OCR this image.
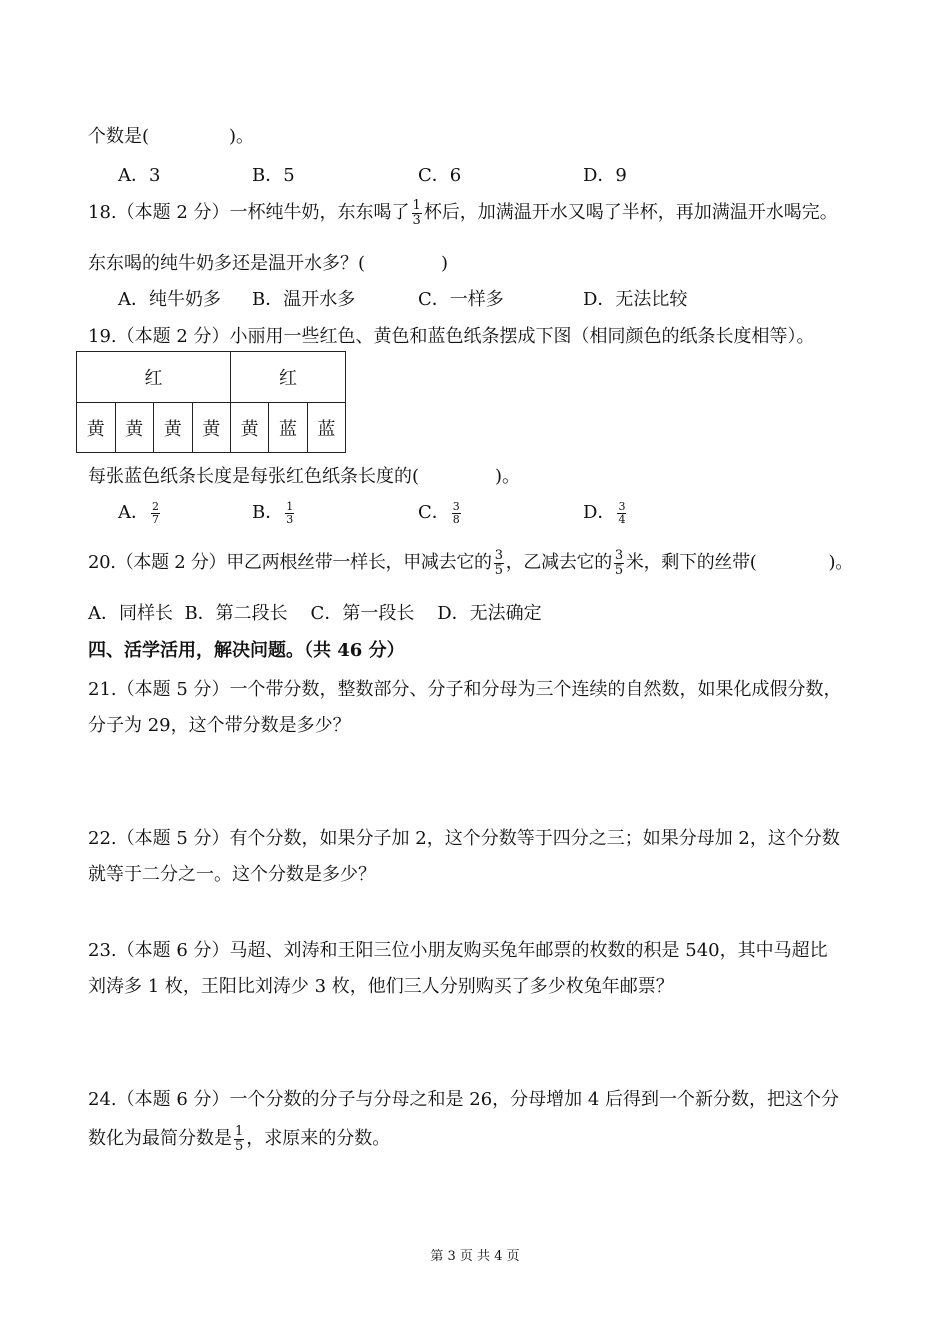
个数是(	)。
A．3	B．5	C．6	D．9
18.（本题 2 分）一杯纯牛奶，东东喝了 $\frac{1}{3}$ 杯后，加满温开水又喝了半杯，再加满温开水喝完。
东东喝的纯牛奶多还是温开水多？(	)
A．纯牛奶多 B．温开水多	C．一样多	D．无法比较
19.（本题 2 分）小丽用一些红色、黄色和蓝色纸条摆成下图（相同颜色的纸条长度相等）。
红				红		
黄	黄	黄	黄	黄	蓝	蓝
每张蓝色纸条长度是每张红色纸条长度的(	)。
A． $\frac{2}{7}$	B． $\frac{1}{3}$	C． $\frac{3}{8}$	D． $\frac{3}{4}$
20.（本题 2 分）甲乙两根丝带一样长，甲减去它的 $\frac{3}{5}$ ，乙减去它的 $\frac{3}{5}$ 米，剩下的丝带(	)。
A．同样长  B．第二段长    C．第一段长    D．无法确定
四、活学活用，解决问题。（共 46 分）
21.（本题 5 分）一个带分数，整数部分、分子和分母为三个连续的自然数，如果化成假分数，
分子为 29，这个带分数是多少？
22.（本题 5 分）有个分数，如果分子加 2，这个分数等于四分之三；如果分母加 2，这个分数
就等于二分之一。这个分数是多少？
23.（本题 6 分）马超、刘涛和王阳三位小朋友购买兔年邮票的枚数的积是 540，其中马超比
刘涛多 1 枚，王阳比刘涛少 3 枚，他们三人分别购买了多少枚兔年邮票？
24.（本题 6 分）一个分数的分子与分母之和是 26，分母增加 4 后得到一个新分数，把这个分
数化为最简分数是 $\frac{1}{5}$ ，求原来的分数。
第 3 页 共 4 页
